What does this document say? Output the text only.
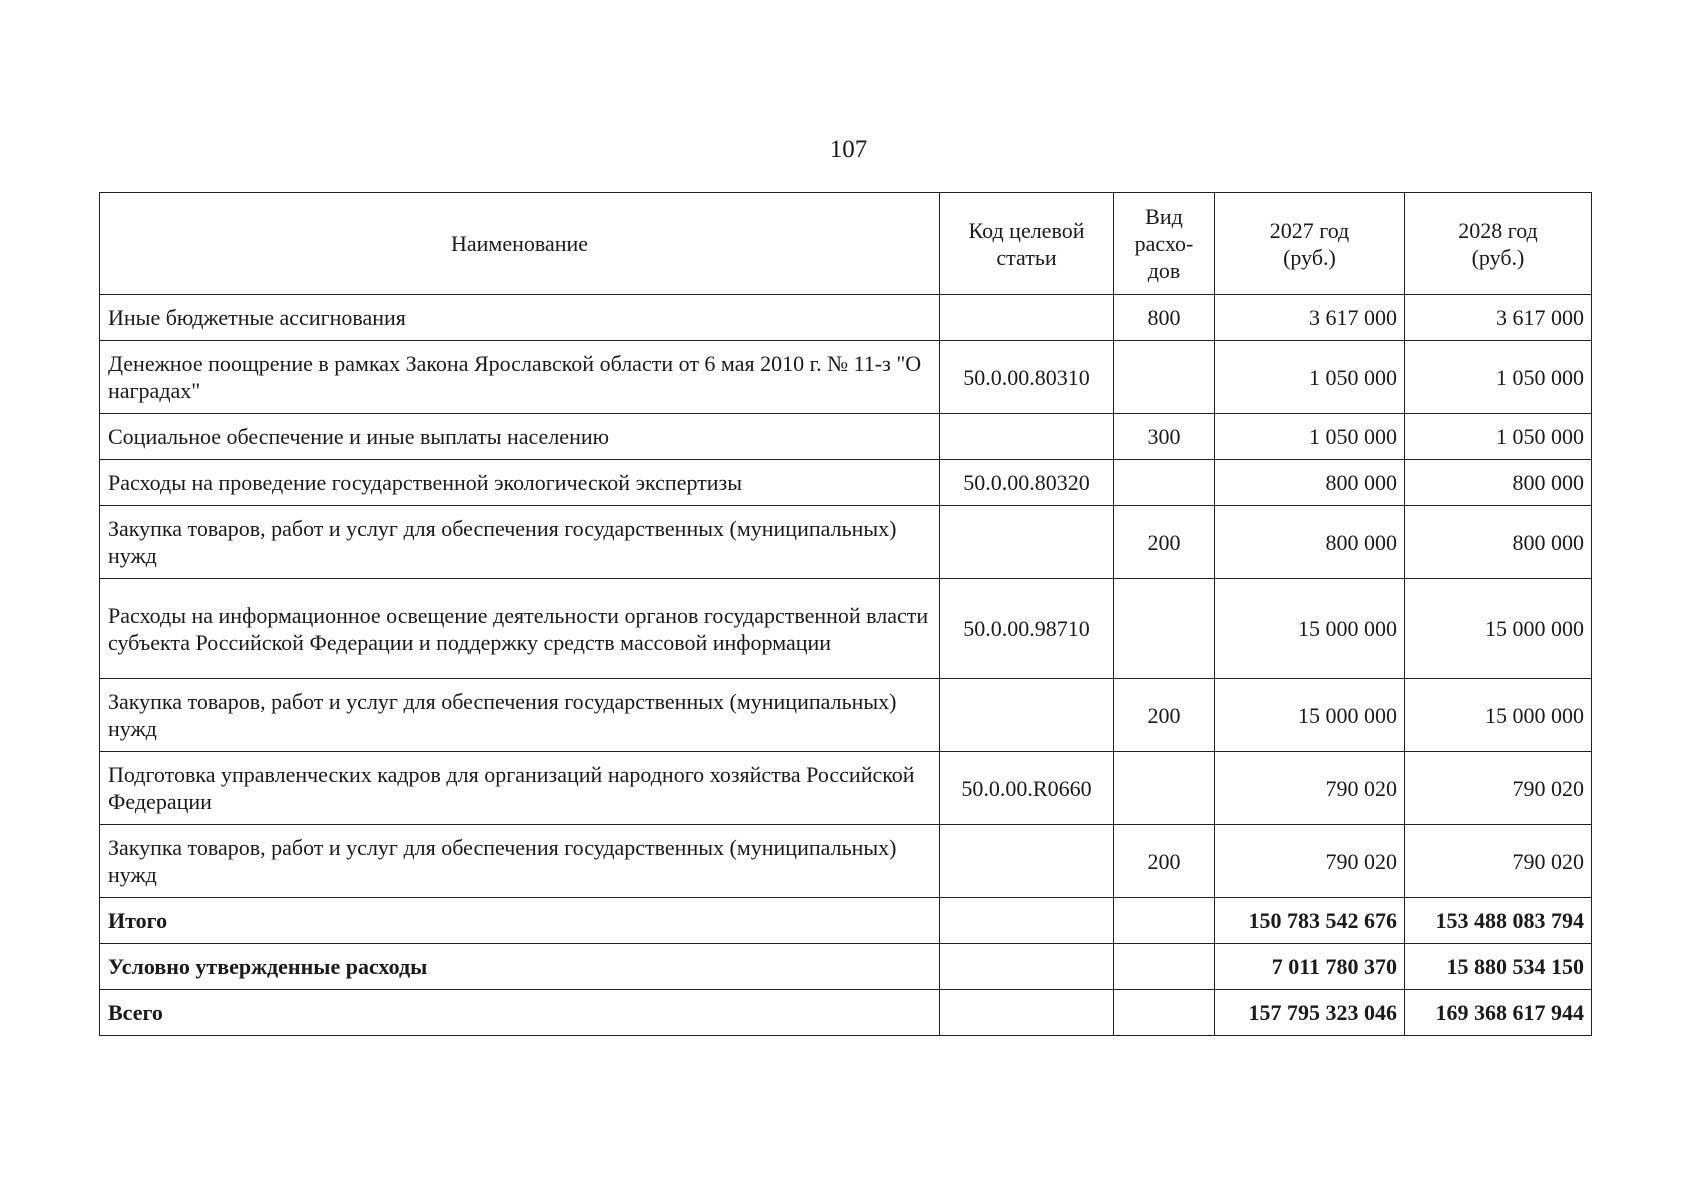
107
Наименование	Код целевой статьи	Вид расхо-дов	2027 год (руб.)	2028 год (руб.)
Иные бюджетные ассигнования		800	3 617 000	3 617 000
Денежное поощрение в рамках Закона Ярославской области от 6 мая 2010 г. № 11-з "О наградах"	50.0.00.80310		1 050 000	1 050 000
Социальное обеспечение и иные выплаты населению		300	1 050 000	1 050 000
Расходы на проведение государственной экологической экспертизы	50.0.00.80320		800 000	800 000
Закупка товаров, работ и услуг для обеспечения государственных (муниципальных) нужд		200	800 000	800 000
Расходы на информационное освещение деятельности органов государственной власти субъекта Российской Федерации и поддержку средств массовой информации	50.0.00.98710		15 000 000	15 000 000
Закупка товаров, работ и услуг для обеспечения государственных (муниципальных) нужд		200	15 000 000	15 000 000
Подготовка управленческих кадров для организаций народного хозяйства Российской Федерации	50.0.00.R0660		790 020	790 020
Закупка товаров, работ и услуг для обеспечения государственных (муниципальных) нужд		200	790 020	790 020
Итого			150 783 542 676	153 488 083 794
Условно утвержденные расходы			7 011 780 370	15 880 534 150
Всего			157 795 323 046	169 368 617 944
